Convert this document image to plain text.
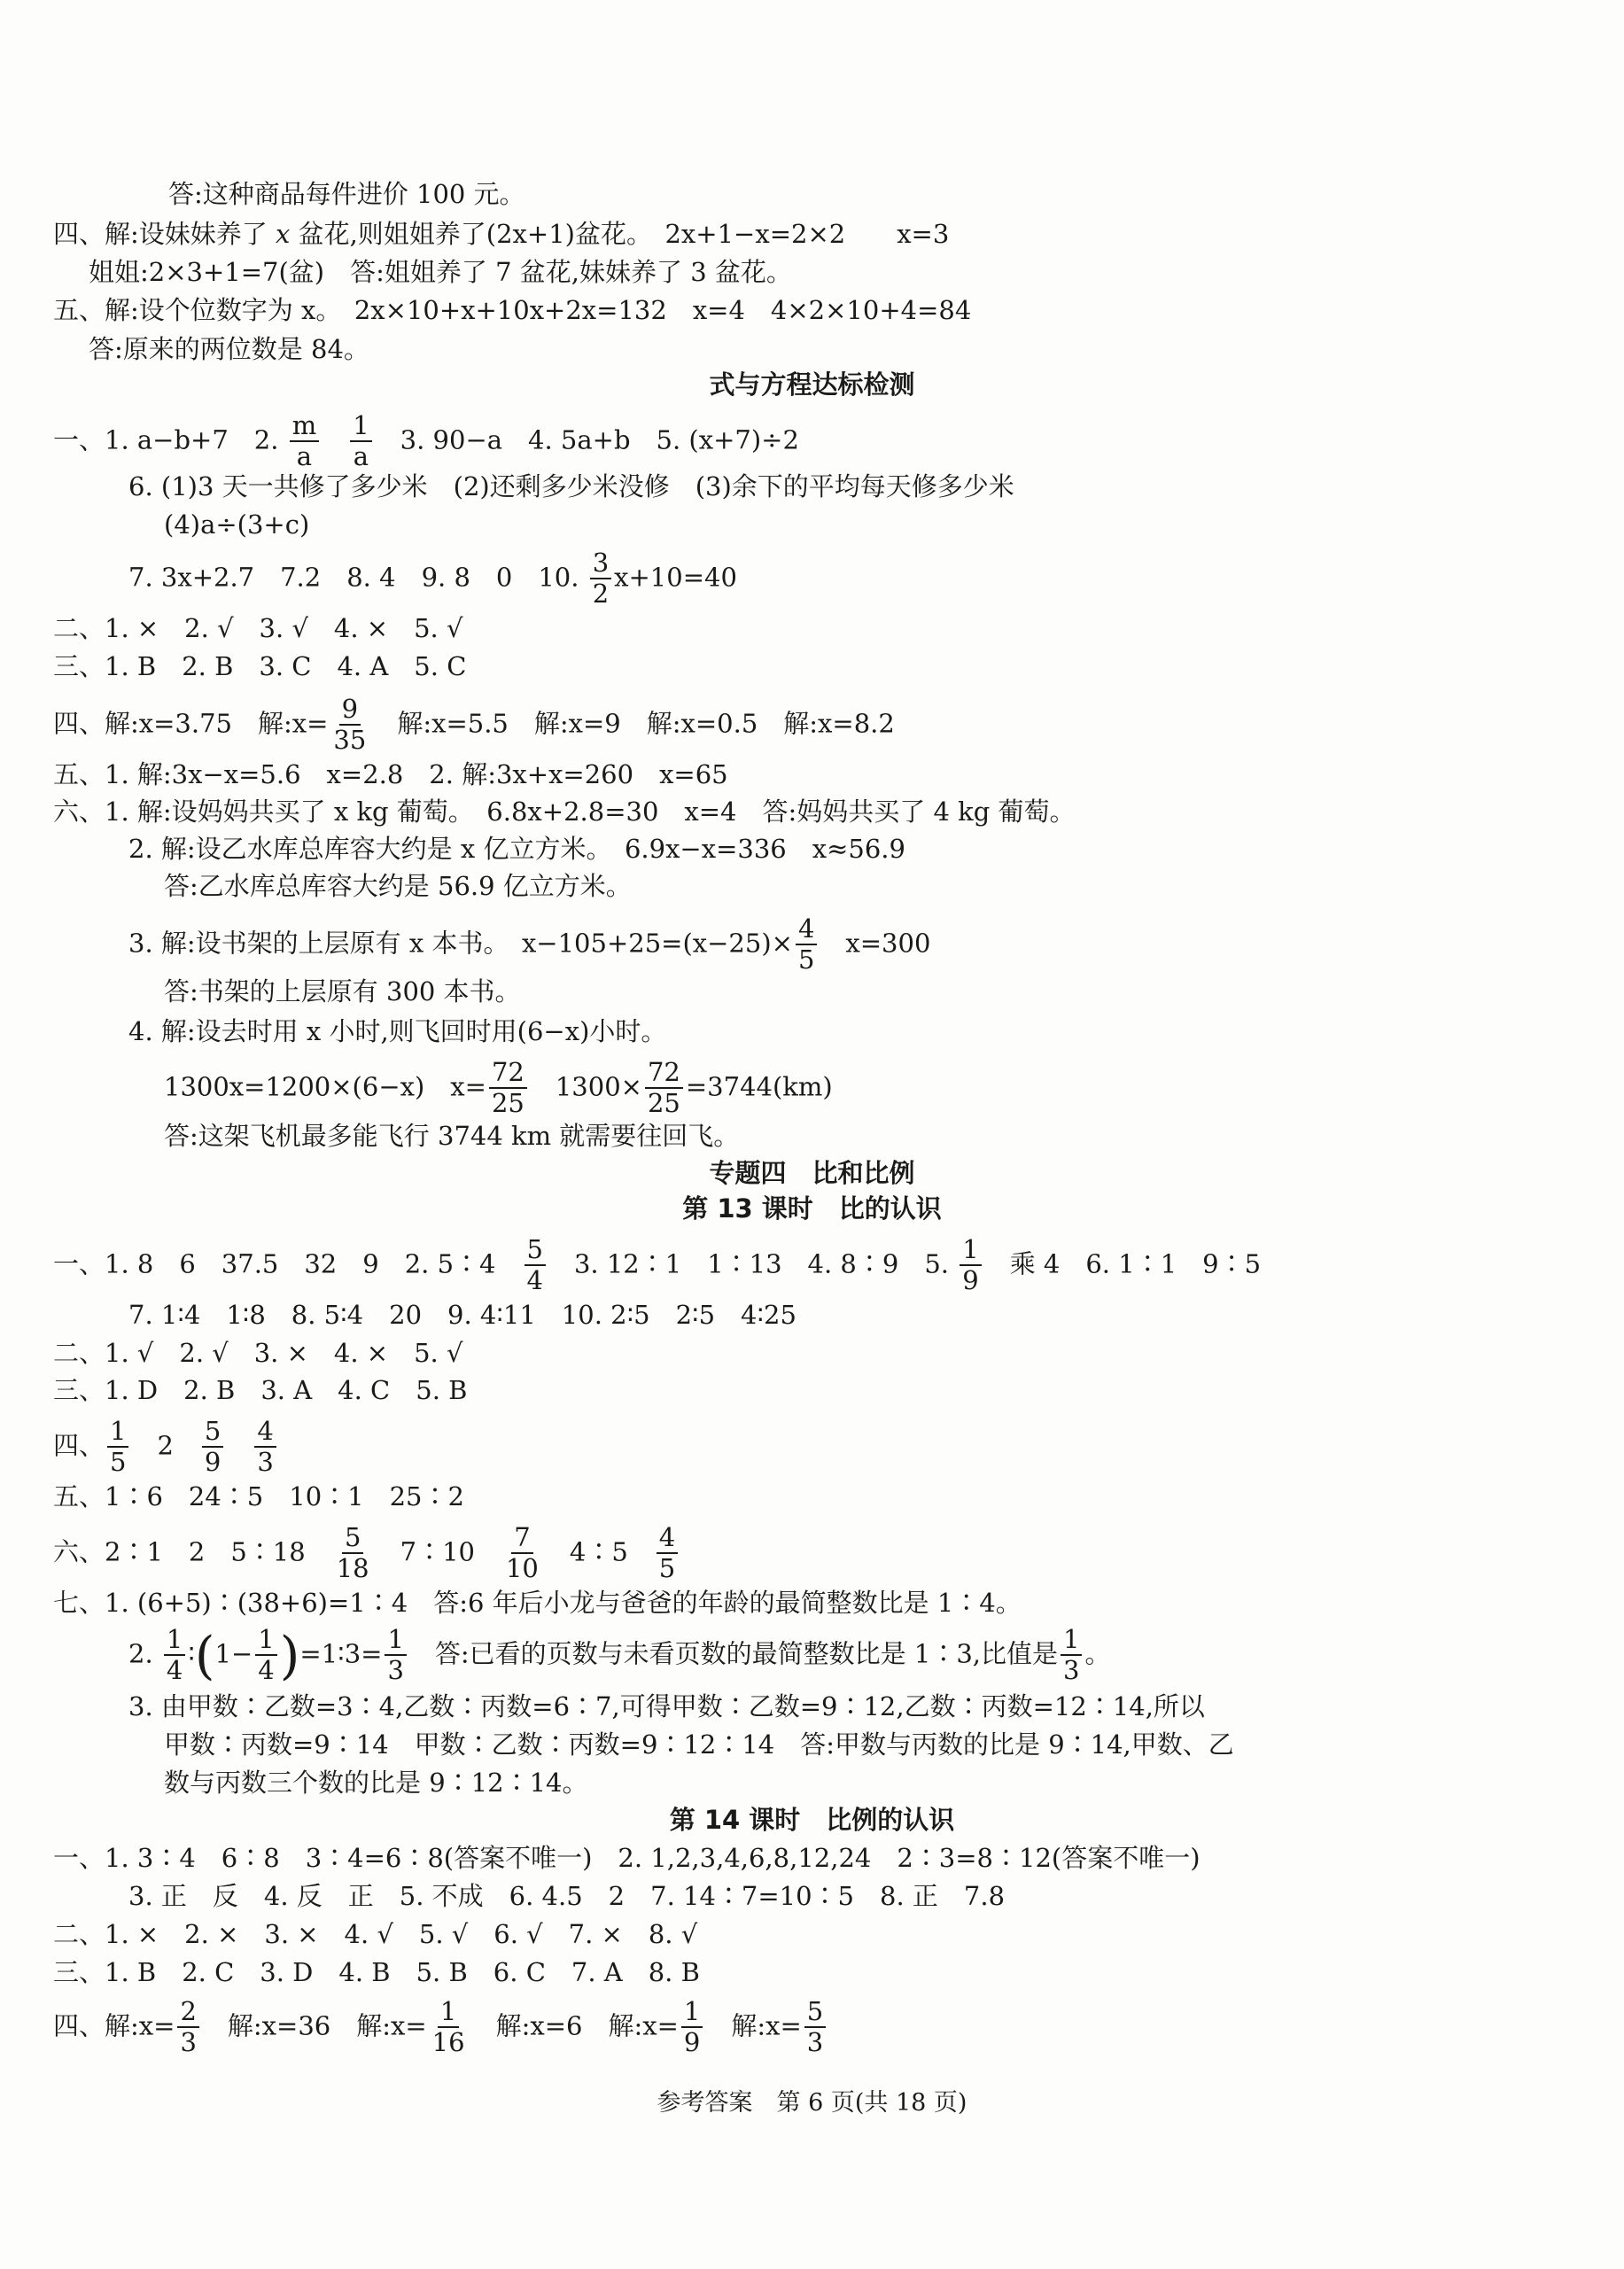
答:这种商品每件进价 100 元。
四、解:设妹妹养了 x 盆花,则姐姐养了(2x+1)盆花。　2x+1−x=2×2　　x=3
姐姐:2×3+1=7(盆)　答:姐姐养了 7 盆花,妹妹养了 3 盆花。
五、解:设个位数字为 x。　2x×10+x+10x+2x=132　x=4　4×2×10+4=84
答:原来的两位数是 84。
式与方程达标检测
一、1. a−b+7　2. $\frac{m}{a}$
　 $\frac{1}{a}$ 　3. 90−a　4. 5a+b　5. (x+7)÷2
6. (1)3 天一共修了多少米　(2)还剩多少米没修　(3)余下的平均每天修多少米
(4)a÷(3+c)
7. 3x+2.7　7.2　8. 4　9. 8　0　10. $\frac{3}{2} x+10=40$
二、1. ×　2. √　3. √　4. ×　5. √
三、1. B　2. B　3. C　4. A　5. C
四、解:x=3.75　解:x= $\frac{9}{35}$ 　解:x=5.5　解:x=9　解:x=0.5　解:x=8.2
五、1. 解:3x−x=5.6　x=2.8　2. 解:3x+x=260　x=65
六、1. 解:设妈妈共买了 x kg 葡萄。　6.8x+2.8=30　x=4　答:妈妈共买了 4 kg 葡萄。
2. 解:设乙水库总库容大约是 x 亿立方米。　6.9x−x=336　x≈56.9
答:乙水库总库容大约是 56.9 亿立方米。
3. 解:设书架的上层原有 x 本书。　$x-105+25=(x-25)\times \frac{4}{5}$ 　x=300
答:书架的上层原有 300 本书。
4. 解:设去时用 x 小时,则飞回时用(6−x)小时。
1300x=1200×(6−x)　$x= \frac{72}{25}$ 　$1300\times \frac{72}{25} =3744(km)$
答:这架飞机最多能飞行 3744 km 就需要往回飞。
专题四　比和比例
第 13 课时　比的认识
一、1. 8　6　37.5　32　9　2. 5∶4　 $\frac{5}{4}$ 　3. 12∶1　1∶13　4. 8∶9　5. $\frac{1}{9}$ 　乘 4　6. 1∶1　9∶5
7. 1∶4　1∶8　8. 5∶4　20　9. 4∶11　10. 2∶5　2∶5　4∶25
二、1. √　2. √　3. ×　4. ×　5. √
三、1. D　2. B　3. A　4. C　5. B
四、 $\frac{1}{5}$ 　2　 $\frac{5}{9}$
　 $\frac{4}{3}$
五、1∶6　24∶5　10∶1　25∶2
六、2∶1　2　5∶18　 $\frac{5}{18}$ 　7∶10　 $\frac{7}{10}$ 　4∶5　 $\frac{4}{5}$
七、1. (6+5)∶(38+6)=1∶4　答:6 年后小龙与爸爸的年龄的最简整数比是 1∶4。
2. $\frac{1}{4}$ ∶(1− $\frac{1}{4}$ )=1∶3= $\frac{1}{3}$ 　答:已看的页数与未看页数的最简整数比是 1∶3,比值是 $\frac{1}{3}$ 。
3. 由甲数∶乙数=3∶4,乙数∶丙数=6∶7,可得甲数∶乙数=9∶12,乙数∶丙数=12∶14,所以
甲数∶丙数=9∶14　甲数∶乙数∶丙数=9∶12∶14　答:甲数与丙数的比是 9∶14,甲数、乙
数与丙数三个数的比是 9∶12∶14。
第 14 课时　比例的认识
一、1. 3∶4　6∶8　3∶4=6∶8(答案不唯一)　2. 1,2,3,4,6,8,12,24　2∶3=8∶12(答案不唯一)
3. 正　反　4. 反　正　5. 不成　6. 4.5　2　7. 14∶7=10∶5　8. 正　7.8
二、1. ×　2. ×　3. ×　4. √　5. √　6. √　7. ×　8. √
三、1. B　2. C　3. D　4. B　5. B　6. C　7. A　8. B
四、解:x= $\frac{2}{3}$ 　解:x=36　解:x= $\frac{1}{16}$ 　解:x=6　解:x= $\frac{1}{9}$ 　解:x= $\frac{5}{3}$
参考答案　第 6 页(共 18 页)
